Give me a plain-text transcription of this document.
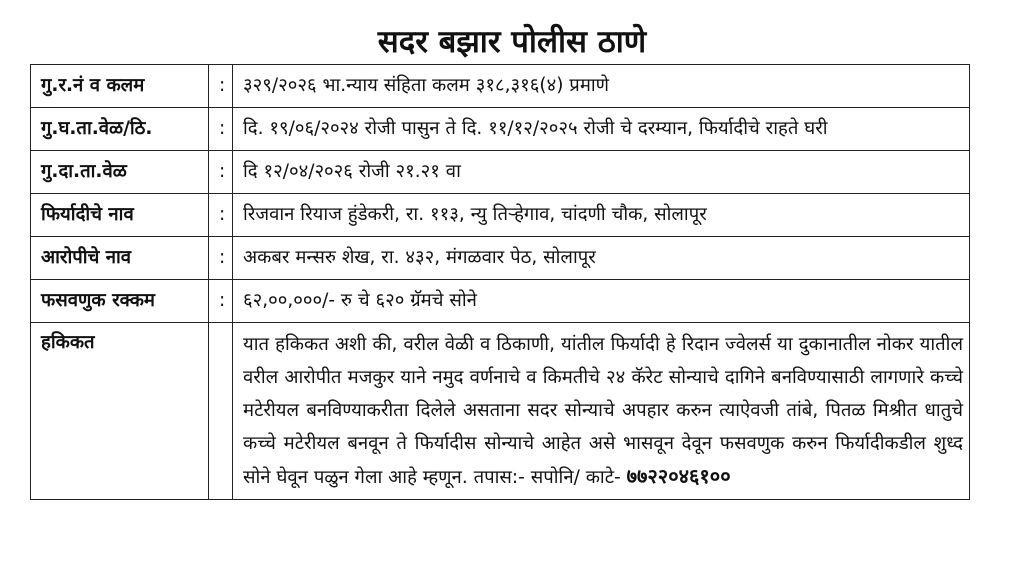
सदर बझार पोलीस ठाणे
गु.र.नं व कलम	:	३२९/२०२६ भा.न्याय संहिता कलम ३१८,३१६(४) प्रमाणे
गु.घ.ता.वेळ/ठि.	:	दि. १९/०६/२०२४ रोजी पासुन ते दि. ११/१२/२०२५ रोजी चे दरम्यान, फिर्यादीचे राहते घरी
गु.दा.ता.वेळ	:	दि १२/०४/२०२६ रोजी २१.२१ वा
फिर्यादीचे नाव	:	रिजवान रियाज हुंडेकरी, रा. ११३, न्यु तिऱ्हेगाव, चांदणी चौक, सोलापूर
आरोपीचे नाव	:	अकबर मन्सरु शेख, रा. ४३२, मंगळवार पेठ, सोलापूर
फसवणुक रक्कम	:	६२,००,०००/- रु चे ६२० ग्रॅमचे सोने
हकिकत		यात हकिकत अशी की, वरील वेळी व ठिकाणी, यांतील फिर्यादी हे रिदान ज्वेलर्स या दुकानातील नोकर यातील वरील आरोपीत मजकुर याने नमुद वर्णनाचे व किमतीचे २४ कॅरेट सोन्याचे दागिने बनविण्यासाठी लागणारे कच्चे मटेरीयल बनविण्याकरीता दिलेले असताना सदर सोन्याचे अपहार करुन त्याऐवजी तांबे, पितळ मिश्रीत धातुचे कच्चे मटेरीयल बनवून ते फिर्यादीस सोन्याचे आहेत असे भासवून देवून फसवणुक करुन फिर्यादीकडील शुध्द सोने घेवून पळुन गेला आहे म्हणून. तपास:- सपोनि/ काटे- ७७२२०४६१००
